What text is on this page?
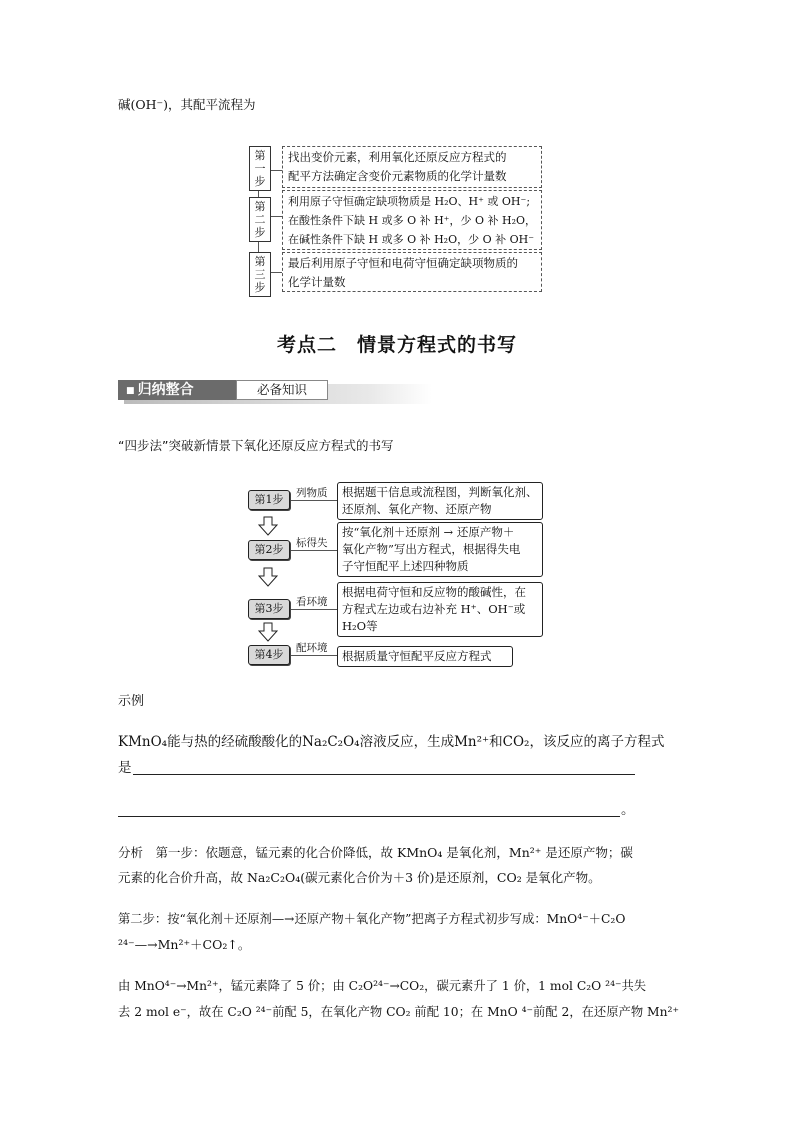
碱(OH⁻)，其配平流程为
第一步
第二步
第三步
找出变价元素，利用氧化还原反应方程式的
配平方法确定含变价元素物质的化学计量数
利用原子守恒确定缺项物质是 H₂O、H⁺ 或 OH⁻;
在酸性条件下缺 H 或多 O 补 H⁺，少 O 补 H₂O，
在碱性条件下缺 H 或多 O 补 H₂O，少 O 补 OH⁻
最后利用原子守恒和电荷守恒确定缺项物质的
化学计量数
考点二　情景方程式的书写
■ 归纳整合	必备知识
“四步法”突破新情景下氧化还原反应方程式的书写
第1步
第2步
第3步
第4步
列物质
标得失
看环境
配环境
根据题干信息或流程图，判断氧化剂、
还原剂、氧化产物、还原产物
按“氧化剂＋还原剂 → 还原产物＋
氧化产物”写出方程式，根据得失电
子守恒配平上述四种物质
根据电荷守恒和反应物的酸碱性，在
方程式左边或右边补充 H⁺、OH⁻或
H₂O等
根据质量守恒配平反应方程式
示例
KMnO₄能与热的经硫酸酸化的Na₂C₂O₄溶液反应，生成Mn²⁺和CO₂，该反应的离子方程式
是
。
分析　第一步：依题意，锰元素的化合价降低，故 KMnO₄ 是氧化剂，Mn²⁺ 是还原产物；碳
元素的化合价升高，故 Na₂C₂O₄(碳元素化合价为＋3 价)是还原剂，CO₂ 是氧化产物。
第二步：按“氧化剂＋还原剂—→还原产物＋氧化产物”把离子方程式初步写成：MnO⁴⁻＋C₂O
²⁴⁻—→Mn²⁺＋CO₂↑。
由 MnO⁴⁻→Mn²⁺，锰元素降了 5 价；由 C₂O²⁴⁻→CO₂，碳元素升了 1 价，1 mol C₂O ²⁴⁻共失
去 2 mol e⁻，故在 C₂O ²⁴⁻前配 5，在氧化产物 CO₂ 前配 10；在 MnO ⁴⁻前配 2，在还原产物 Mn²⁺
